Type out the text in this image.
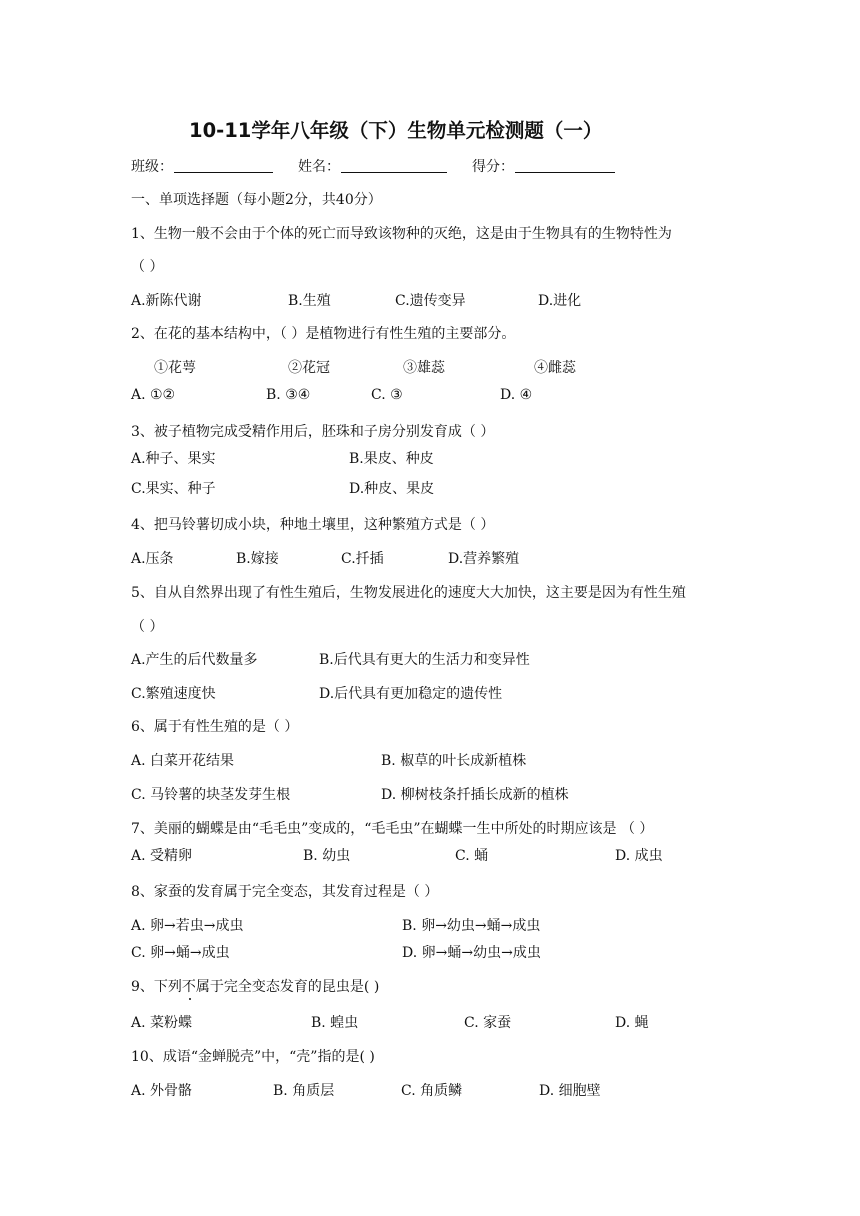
10-11学年八年级（下）生物单元检测题（一）
班级：	姓名：	得分：
一、单项选择题（每小题2分，共40分）
1、生物一般不会由于个体的死亡而导致该物种的灭绝，这是由于生物具有的生物特性为
（ ）
A.新陈代谢	B.生殖	C.遗传变异	D.进化
2、在花的基本结构中，（ ）是植物进行有性生殖的主要部分。
①花萼	②花冠	③雄蕊	④雌蕊
A. ①②	B. ③④	C. ③	D. ④
3、被子植物完成受精作用后，胚珠和子房分别发育成（ ）
A.种子、果实	B.果皮、种皮
C.果实、种子	D.种皮、果皮
4、把马铃薯切成小块，种地土壤里，这种繁殖方式是（ ）
A.压条	B.嫁接	C.扦插	D.营养繁殖
5、自从自然界出现了有性生殖后，生物发展进化的速度大大加快，这主要是因为有性生殖
（ ）
A.产生的后代数量多	B.后代具有更大的生活力和变异性
C.繁殖速度快	D.后代具有更加稳定的遗传性
6、属于有性生殖的是（ ）
A. 白菜开花结果	B. 椒草的叶长成新植株
C. 马铃薯的块茎发芽生根	D. 柳树枝条扦插长成新的植株
7、美丽的蝴蝶是由“毛毛虫”变成的，“毛毛虫”在蝴蝶一生中所处的时期应该是 （ ）
A. 受精卵	B. 幼虫	C. 蛹	D. 成虫
8、家蚕的发育属于完全变态，其发育过程是（ ）
A. 卵→若虫→成虫	B. 卵→幼虫→蛹→成虫
C. 卵→蛹→成虫	D. 卵→蛹→幼虫→成虫
9、下列不属于完全变态发育的昆虫是( )
A. 菜粉蝶	B. 蝗虫	C. 家蚕	D. 蝇
10、成语“金蝉脱壳”中，“壳”指的是( )
A. 外骨骼	B. 角质层	C. 角质鳞	D. 细胞壁
